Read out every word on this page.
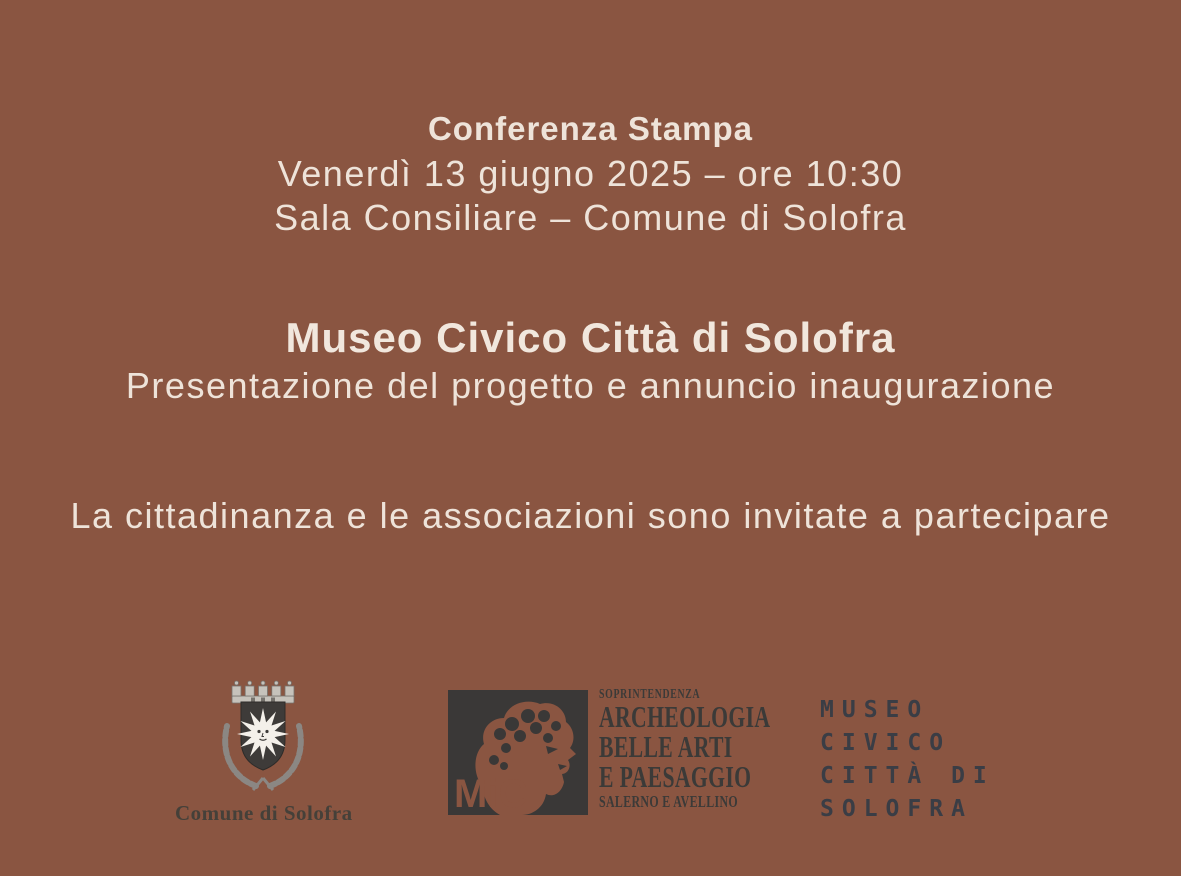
Conferenza Stampa
Venerdì 13 giugno 2025 – ore 10:30
Sala Consiliare – Comune di Solofra
Museo Civico Città di Solofra
Presentazione del progetto e annuncio inaugurazione
La cittadinanza e le associazioni sono invitate a partecipare
Comune di Solofra	MiC
SOPRINTENDENZA
ARCHEOLOGIA
BELLE ARTI
E PAESAGGIO
SALERNO E AVELLINO
MUSEO
CIVICO
CITTÀ DI
SOLOFRA
